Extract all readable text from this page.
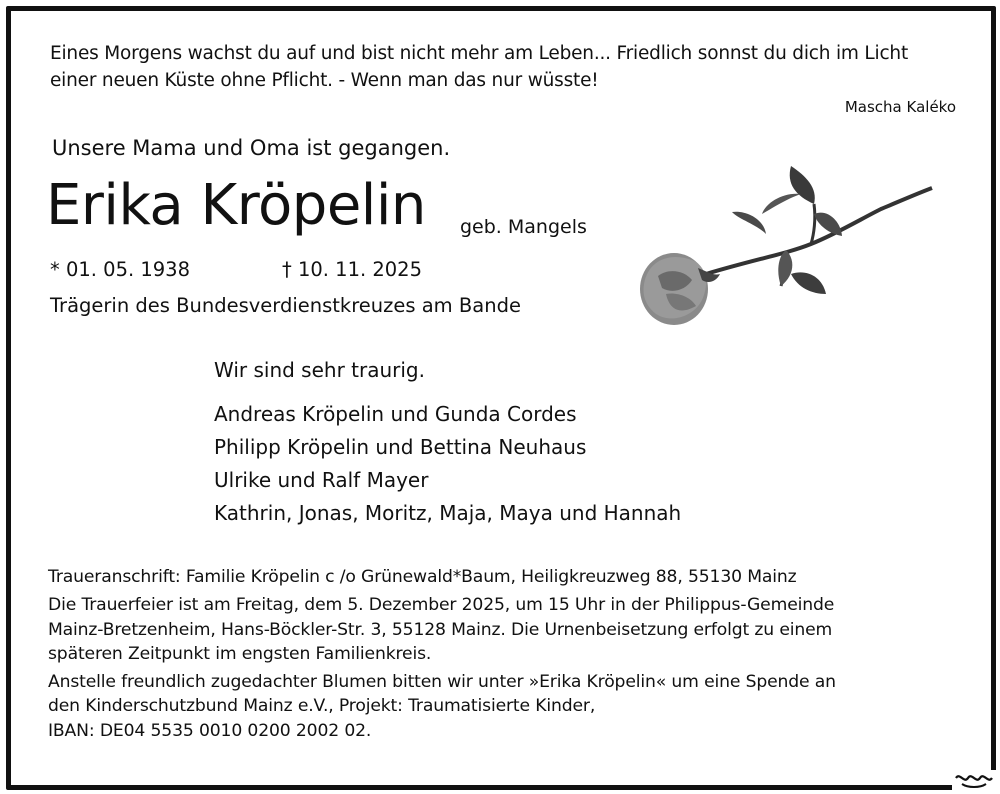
Eines Morgens wachst du auf und bist nicht mehr am Leben... Friedlich sonnst du dich im Licht
einer neuen Küste ohne Pflicht. - Wenn man das nur wüsste!
Mascha Kaléko
Unsere Mama und Oma ist gegangen.
Erika Kröpelin geb. Mangels
* 01. 05. 1938	† 10. 11. 2025
Trägerin des Bundesverdienstkreuzes am Bande
Wir sind sehr traurig.
Andreas Kröpelin und Gunda Cordes
Philipp Kröpelin und Bettina Neuhaus
Ulrike und Ralf Mayer
Kathrin, Jonas, Moritz, Maja, Maya und Hannah
Traueranschrift: Familie Kröpelin c /o Grünewald*Baum, Heiligkreuzweg 88, 55130 Mainz
Die Trauerfeier ist am Freitag, dem 5. Dezember 2025, um 15 Uhr in der Philippus-Gemeinde
Mainz-Bretzenheim, Hans-Böckler-Str. 3, 55128 Mainz. Die Urnenbeisetzung erfolgt zu einem
späteren Zeitpunkt im engsten Familienkreis.
Anstelle freundlich zugedachter Blumen bitten wir unter »Erika Kröpelin« um eine Spende an
den Kinderschutzbund Mainz e.V., Projekt: Traumatisierte Kinder,
IBAN: DE04 5535 0010 0200 2002 02.
